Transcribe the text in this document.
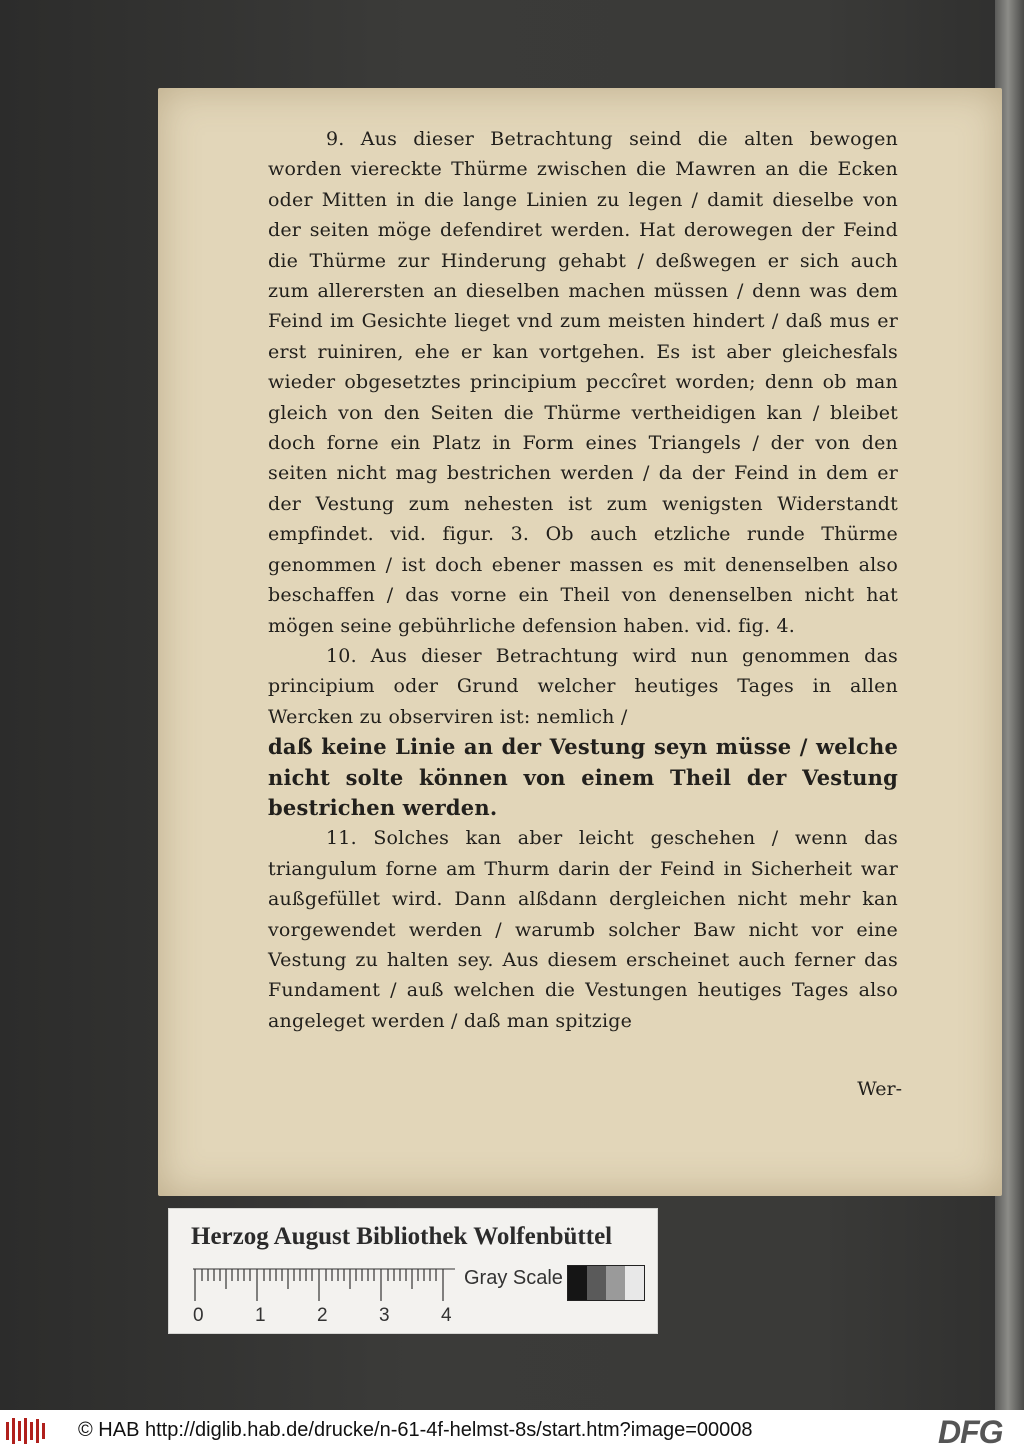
9. Aus dieser Betrachtung seind die alten bewogen worden viereckte Thürme zwischen die Mawren an die Ecken oder Mitten in die lange Linien zu legen / damit dieselbe von der seiten möge defendiret werden. Hat derowegen der Feind die Thürme zur Hinderung gehabt / deßwegen er sich auch zum allerersten an dieselben machen müssen / denn was dem Feind im Gesichte lieget vnd zum meisten hindert / daß mus er erst ruiniren, ehe er kan vortgehen. Es ist aber gleichesfals wieder obgesetztes principium peccîret worden; denn ob man gleich von den Seiten die Thürme vertheidigen kan / bleibet doch forne ein Platz in Form eines Triangels / der von den seiten nicht mag bestrichen werden / da der Feind in dem er der Vestung zum nehesten ist zum wenigsten Widerstandt empfindet. vid. figur. 3. Ob auch etzliche runde Thürme genommen / ist doch ebener massen es mit denenselben also beschaffen / das vorne ein Theil von denenselben nicht hat mögen seine gebührliche defension haben. vid. fig. 4.

10. Aus dieser Betrachtung wird nun genommen das principium oder Grund welcher heutiges Tages in allen Wercken zu observiren ist: nemlich /

daß keine Linie an der Vestung seyn müsse / welche nicht solte können von einem Theil der Vestung bestrichen werden.

11. Solches kan aber leicht geschehen / wenn das triangulum forne am Thurm darin der Feind in Sicherheit war außgefüllet wird. Dann alßdann dergleichen nicht mehr kan vorgewendet werden / warumb solcher Baw nicht vor eine Vestung zu halten sey. Aus diesem erscheinet auch ferner das Fundament / auß welchen die Vestungen heutiges Tages also angeleget werden / daß man spitzige

Wer-
Herzog August Bibliothek Wolfenbüttel
0	1	2	3	4
Gray Scale
© HAB http://diglib.hab.de/drucke/n-61-4f-helmst-8s/start.htm?image=00008	DFG
